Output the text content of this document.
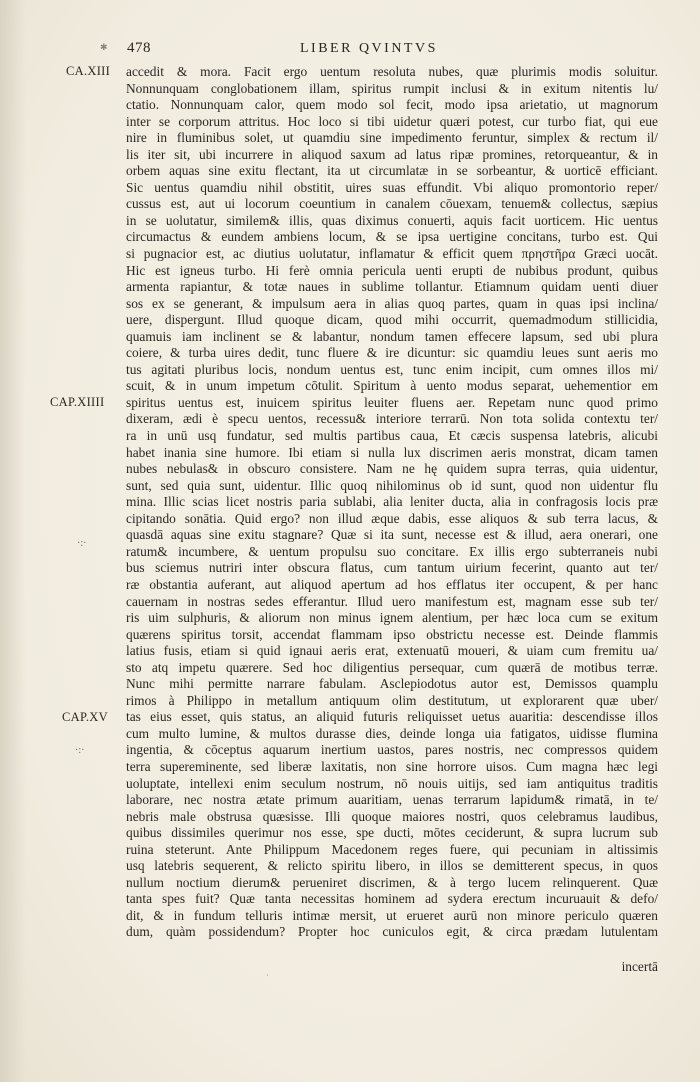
✱ 478	LIBER QVINTVS
CA.XIII
CAP.XIIII
CAP.XV
·:·
·:·
accedit & mora. Facit ergo uentum resoluta nubes, quæ plurimis modis soluitur.
Nonnunquam conglobationem illam, spiritus rumpit inclusi & in exitum nitentis lu/
ctatio. Nonnunquam calor, quem modo sol fecit, modo ipsa arietatio, ut magnorum
inter se corporum attritus. Hoc loco si tibi uidetur quæri potest, cur turbo fiat, qui eue
nire in fluminibus solet, ut quamdiu sine impedimento feruntur, simplex & rectum il/
lis iter sit, ubi incurrere in aliquod saxum ad latus ripæ promines, retorqueantur, & in
orbem aquas sine exitu flectant, ita ut circumlatæ in se sorbeantur, & uorticē efficiant.
Sic uentus quamdiu nihil obstitit, uires suas effundit. Vbi aliquo promontorio reper/
cussus est, aut ui locorum coeuntium in canalem cōuexam, tenuem& collectus, sæpius
in se uolutatur, similem& illis, quas diximus conuerti, aquis facit uorticem. Hic uentus
circumactus & eundem ambiens locum, & se ipsa uertigine concitans, turbo est. Qui
si pugnacior est, ac diutius uolutatur, inflamatur & efficit quem πρηστῆρα Græci uocāt.
Hic est igneus turbo. Hi ferè omnia pericula uenti erupti de nubibus produnt, quibus
armenta rapiantur, & totæ naues in sublime tollantur. Etiamnum quidam uenti diuer
sos ex se generant, & impulsum aera in alias quoq partes, quam in quas ipsi inclina/
uere, dispergunt. Illud quoque dicam, quod mihi occurrit, quemadmodum stillicidia,
quamuis iam inclinent se & labantur, nondum tamen effecere lapsum, sed ubi plura
coiere, & turba uires dedit, tunc fluere & ire dicuntur: sic quamdiu leues sunt aeris mo
tus agitati pluribus locis, nondum uentus est, tunc enim incipit, cum omnes illos mi/
scuit, & in unum impetum cōtulit. Spiritum à uento modus separat, uehementior em
spiritus uentus est, inuicem spiritus leuiter fluens aer. Repetam nunc quod primo
dixeram, ædi è specu uentos, recessu& interiore terrarū. Non tota solida contextu ter/
ra in unū usq fundatur, sed multis partibus caua, Et cæcis suspensa latebris, alicubi
habet inania sine humore. Ibi etiam si nulla lux discrimen aeris monstrat, dicam tamen
nubes nebulas& in obscuro consistere. Nam ne hę quidem supra terras, quia uidentur,
sunt, sed quia sunt, uidentur. Illic quoq nihilominus ob id sunt, quod non uidentur flu
mina. Illic scias licet nostris paria sublabi, alia leniter ducta, alia in confragosis locis præ
cipitando sonātia. Quid ergo? non illud æque dabis, esse aliquos & sub terra lacus, &
quasdā aquas sine exitu stagnare? Quæ si ita sunt, necesse est & illud, aera onerari, one
ratum& incumbere, & uentum propulsu suo concitare. Ex illis ergo subterraneis nubi
bus sciemus nutriri inter obscura flatus, cum tantum uirium fecerint, quanto aut ter/
ræ obstantia auferant, aut aliquod apertum ad hos efflatus iter occupent, & per hanc
cauernam in nostras sedes efferantur. Illud uero manifestum est, magnam esse sub ter/
ris uim sulphuris, & aliorum non minus ignem alentium, per hæc loca cum se exitum
quærens spiritus torsit, accendat flammam ipso obstrictu necesse est. Deinde flammis
latius fusis, etiam si quid ignaui aeris erat, extenuatū moueri, & uiam cum fremitu ua/
sto atq impetu quærere. Sed hoc diligentius persequar, cum quærā de motibus terræ.
Nunc mihi permitte narrare fabulam. Asclepiodotus autor est, Demissos quamplu
rimos à Philippo in metallum antiquum olim destitutum, ut explorarent quæ uber/
tas eius esset, quis status, an aliquid futuris reliquisset uetus auaritia: descendisse illos
cum multo lumine, & multos durasse dies, deinde longa uia fatigatos, uidisse flumina
ingentia, & cōceptus aquarum inertium uastos, pares nostris, nec compressos quidem
terra supereminente, sed liberæ laxitatis, non sine horrore uisos. Cum magna hæc legi
uoluptate, intellexi enim seculum nostrum, nō nouis uitijs, sed iam antiquitus traditis
laborare, nec nostra ætate primum auaritiam, uenas terrarum lapidum& rimatā, in te/
nebris male obstrusa quæsisse. Illi quoque maiores nostri, quos celebramus laudibus,
quibus dissimiles querimur nos esse, spe ducti, mōtes ceciderunt, & supra lucrum sub
ruina steterunt. Ante Philippum Macedonem reges fuere, qui pecuniam in altissimis
usq latebris sequerent, & relicto spiritu libero, in illos se demitterent specus, in quos
nullum noctium dierum& perueniret discrimen, & à tergo lucem relinquerent. Quæ
tanta spes fuit? Quæ tanta necessitas hominem ad sydera erectum incuruauit & defo/
dit, & in fundum telluris intimæ mersit, ut erueret aurū non minore periculo quæren
dum, quàm possidendum? Propter hoc cuniculos egit, & circa prædam lutulentam
·
incertā
